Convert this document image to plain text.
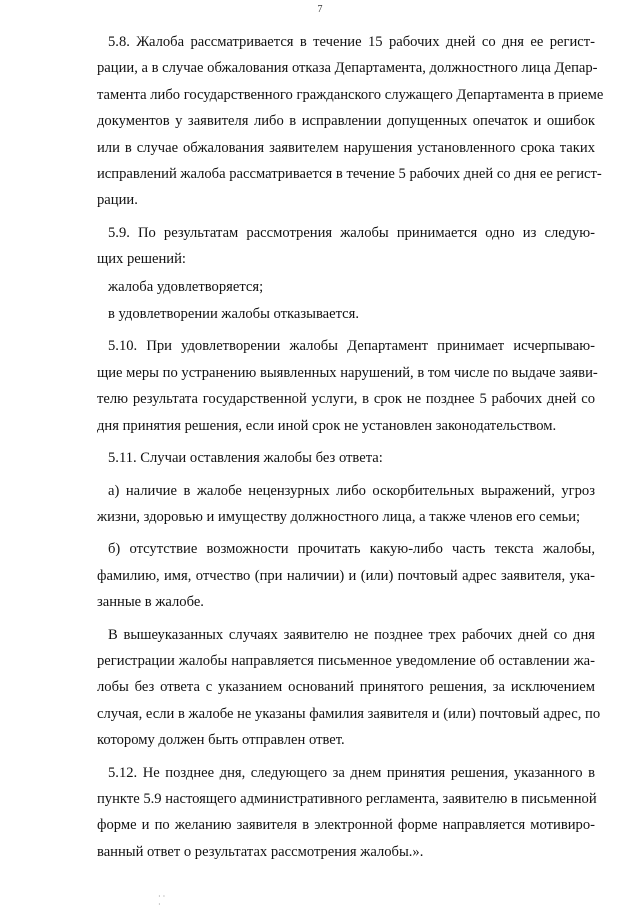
7
5.8. Жалоба рассматривается в течение 15 рабочих дней со дня ее регист-
рации, а в случае обжалования отказа Департамента, должностного лица Депар-
тамента либо государственного гражданского служащего Департамента в приеме
документов у заявителя либо в исправлении допущенных опечаток и ошибок
или в случае обжалования заявителем нарушения установленного срока таких
исправлений жалоба рассматривается в течение 5 рабочих дней со дня ее регист-
рации.
5.9. По результатам рассмотрения жалобы принимается одно из следую-
щих решений:
жалоба удовлетворяется;
в удовлетворении жалобы отказывается.
5.10. При удовлетворении жалобы Департамент принимает исчерпываю-
щие меры по устранению выявленных нарушений, в том числе по выдаче заяви-
телю результата государственной услуги, в срок не позднее 5 рабочих дней со
дня принятия решения, если иной срок не установлен законодательством.
5.11. Случаи оставления жалобы без ответа:
а) наличие в жалобе нецензурных либо оскорбительных выражений, угроз
жизни, здоровью и имуществу должностного лица, а также членов его семьи;
б) отсутствие возможности прочитать какую-либо часть текста жалобы,
фамилию, имя, отчество (при наличии) и (или) почтовый адрес заявителя, ука-
занные в жалобе.
В вышеуказанных случаях заявителю не позднее трех рабочих дней со дня
регистрации жалобы направляется письменное уведомление об оставлении жа-
лобы без ответа с указанием оснований принятого решения, за исключением
случая, если в жалобе не указаны фамилия заявителя и (или) почтовый адрес, по
которому должен быть отправлен ответ.
5.12. Не позднее дня, следующего за днем принятия решения, указанного в
пункте 5.9 настоящего административного регламента, заявителю в письменной
форме и по желанию заявителя в электронной форме направляется мотивиро-
ванный ответ о результатах рассмотрения жалобы.».
· · ·
